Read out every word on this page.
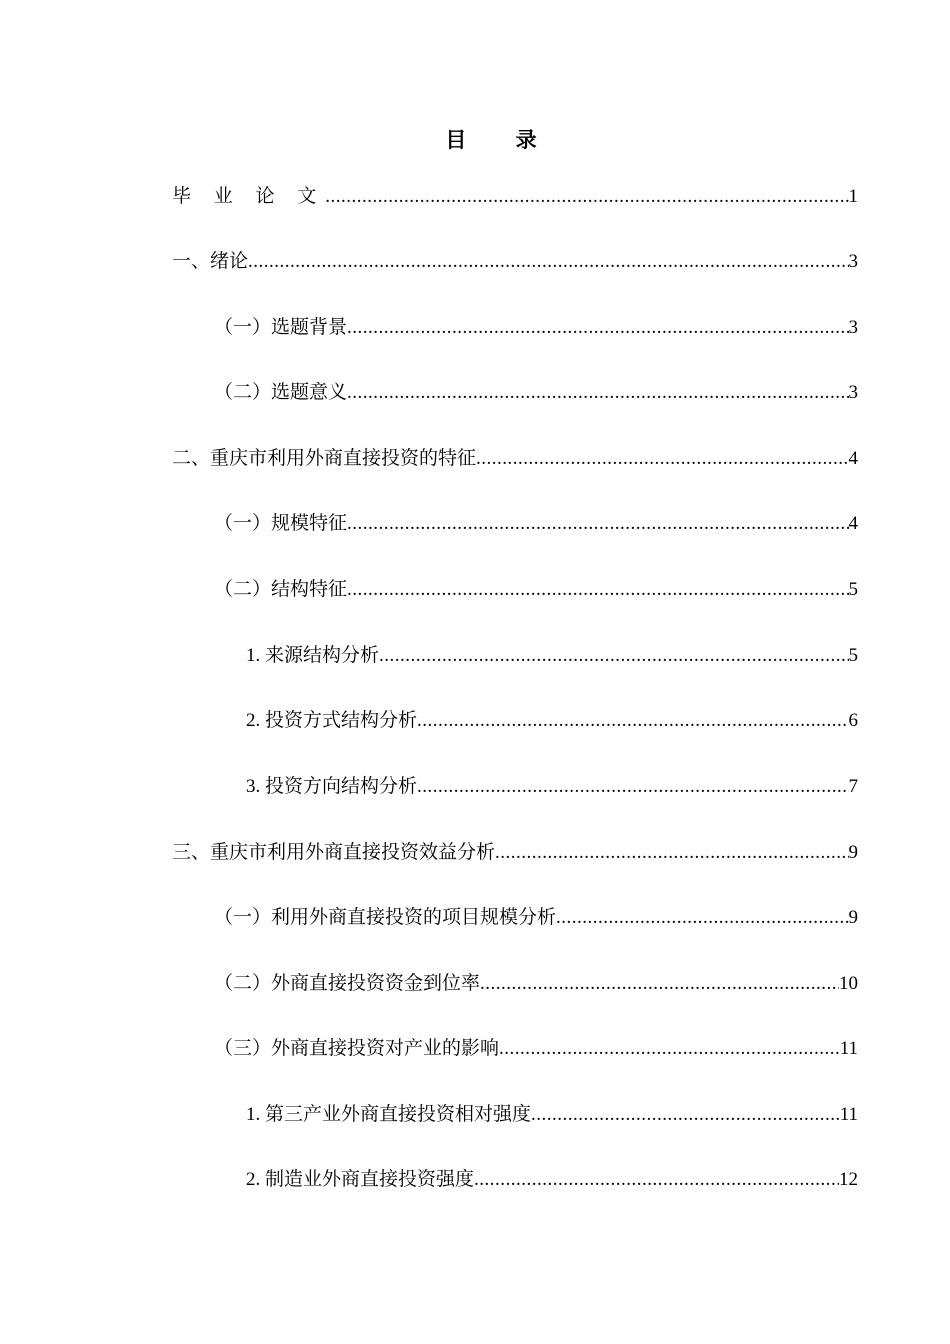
目 录
毕 业 论 文 .....	1
一、绪论 .....	3
（一）选题背景 .....	3
（二）选题意义 .....	3
二、重庆市利用外商直接投资的特征 .....	4
（一）规模特征 .....	4
（二）结构特征 .....	5
1. 来源结构分析 .....	5
2. 投资方式结构分析 .....	6
3. 投资方向结构分析 .....	7
三、重庆市利用外商直接投资效益分析 .....	9
（一）利用外商直接投资的项目规模分析 .....	9
（二）外商直接投资资金到位率 .....	10
（三）外商直接投资对产业的影响 .....	11
1. 第三产业外商直接投资相对强度 .....	11
2. 制造业外商直接投资强度 .....	12
